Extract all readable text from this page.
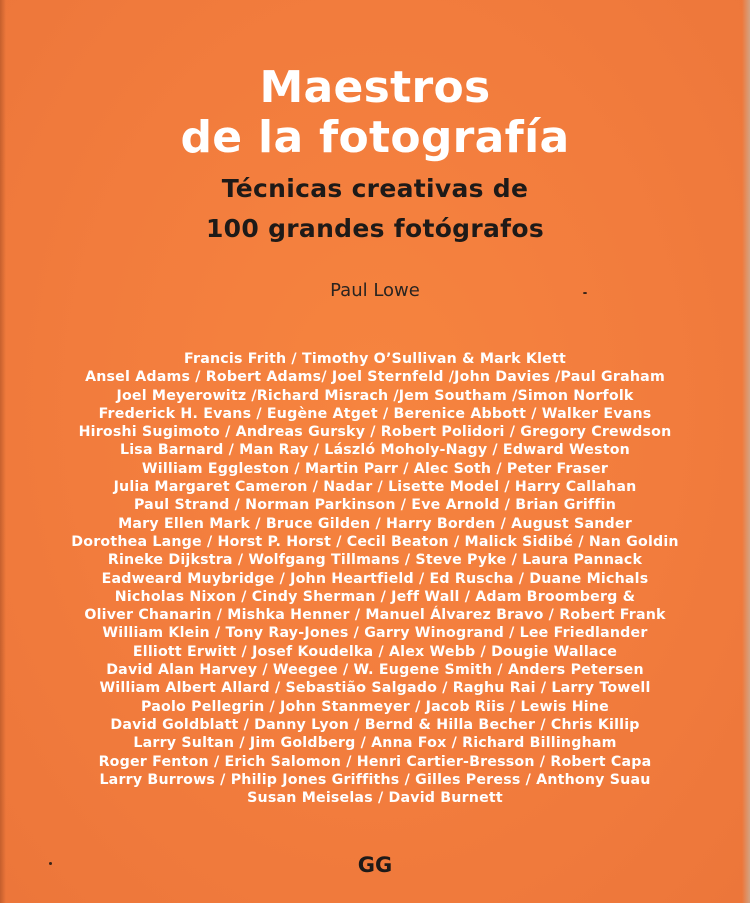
Maestros
de la fotografía
Técnicas creativas de
100 grandes fotógrafos
Paul Lowe
Francis Frith / Timothy O’Sullivan & Mark Klett
Ansel Adams / Robert Adams/ Joel Sternfeld /John Davies /Paul Graham
Joel Meyerowitz /Richard Misrach /Jem Southam /Simon Norfolk
Frederick H. Evans / Eugène Atget / Berenice Abbott / Walker Evans
Hiroshi Sugimoto / Andreas Gursky / Robert Polidori / Gregory Crewdson
Lisa Barnard / Man Ray / László Moholy-Nagy / Edward Weston
William Eggleston / Martin Parr / Alec Soth / Peter Fraser
Julia Margaret Cameron / Nadar / Lisette Model / Harry Callahan
Paul Strand / Norman Parkinson / Eve Arnold / Brian Griffin
Mary Ellen Mark / Bruce Gilden / Harry Borden / August Sander
Dorothea Lange / Horst P. Horst / Cecil Beaton / Malick Sidibé / Nan Goldin
Rineke Dijkstra / Wolfgang Tillmans / Steve Pyke / Laura Pannack
Eadweard Muybridge / John Heartfield / Ed Ruscha / Duane Michals
Nicholas Nixon / Cindy Sherman / Jeff Wall / Adam Broomberg &
Oliver Chanarin / Mishka Henner / Manuel Álvarez Bravo / Robert Frank
William Klein / Tony Ray-Jones / Garry Winogrand / Lee Friedlander
Elliott Erwitt / Josef Koudelka / Alex Webb / Dougie Wallace
David Alan Harvey / Weegee / W. Eugene Smith / Anders Petersen
William Albert Allard / Sebastião Salgado / Raghu Rai / Larry Towell
Paolo Pellegrin / John Stanmeyer / Jacob Riis / Lewis Hine
David Goldblatt / Danny Lyon / Bernd & Hilla Becher / Chris Killip
Larry Sultan / Jim Goldberg / Anna Fox / Richard Billingham
Roger Fenton / Erich Salomon / Henri Cartier-Bresson / Robert Capa
Larry Burrows / Philip Jones Griffiths / Gilles Peress / Anthony Suau
Susan Meiselas / David Burnett
GG
